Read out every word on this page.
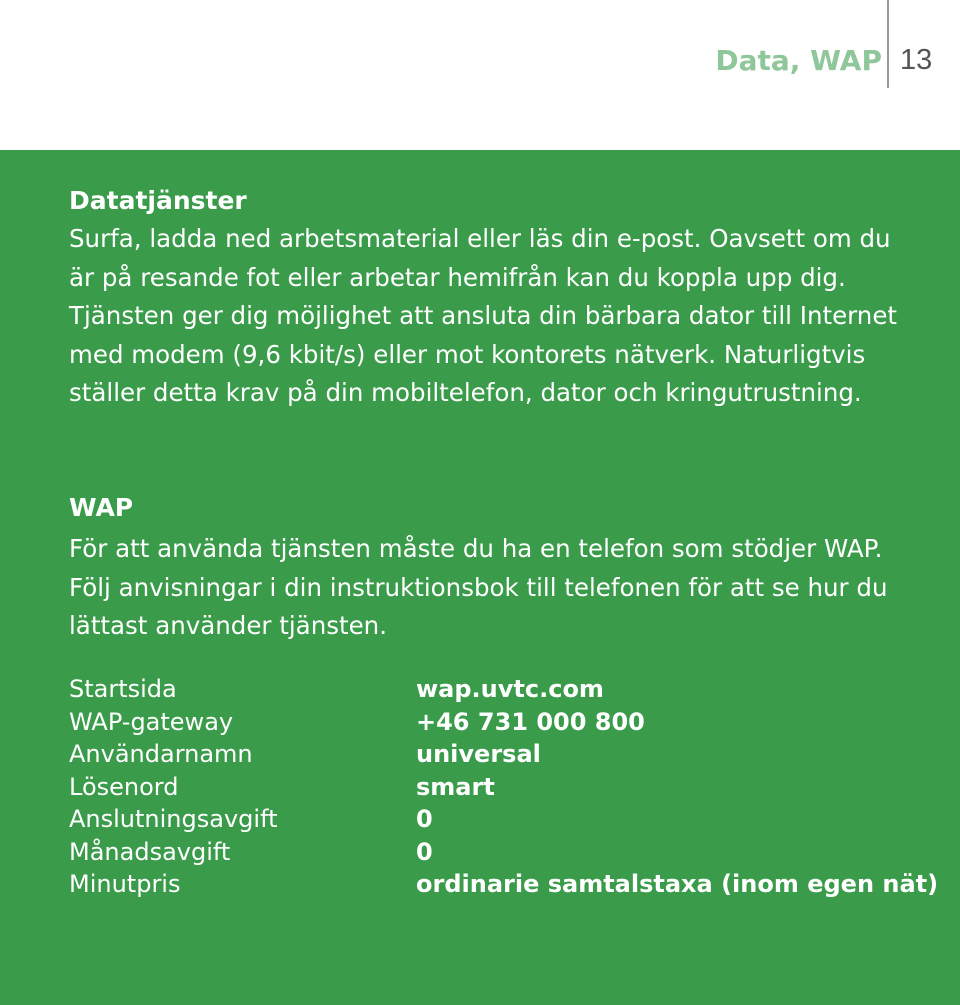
Data, WAP 13
Datatjänster

Surfa, ladda ned arbetsmaterial eller läs din e-post. Oavsett om du är på resande fot eller arbetar hemifrån kan du koppla upp dig. Tjänsten ger dig möjlighet att ansluta din bärbara dator till Internet med modem (9,6 kbit/s) eller mot kontorets nätverk. Naturligtvis ställer detta krav på din mobiltelefon, dator och kringutrustning.

WAP

För att använda tjänsten måste du ha en telefon som stödjer WAP. Följ anvisningar i din instruktionsbok till telefonen för att se hur du lättast använder tjänsten.

Startsida	wap.uvtc.com
WAP-gateway	+46 731 000 800
Användarnamn	universal
Lösenord	smart
Anslutningsavgift	0
Månadsavgift	0
Minutpris	ordinarie samtalstaxa (inom egen nät)
